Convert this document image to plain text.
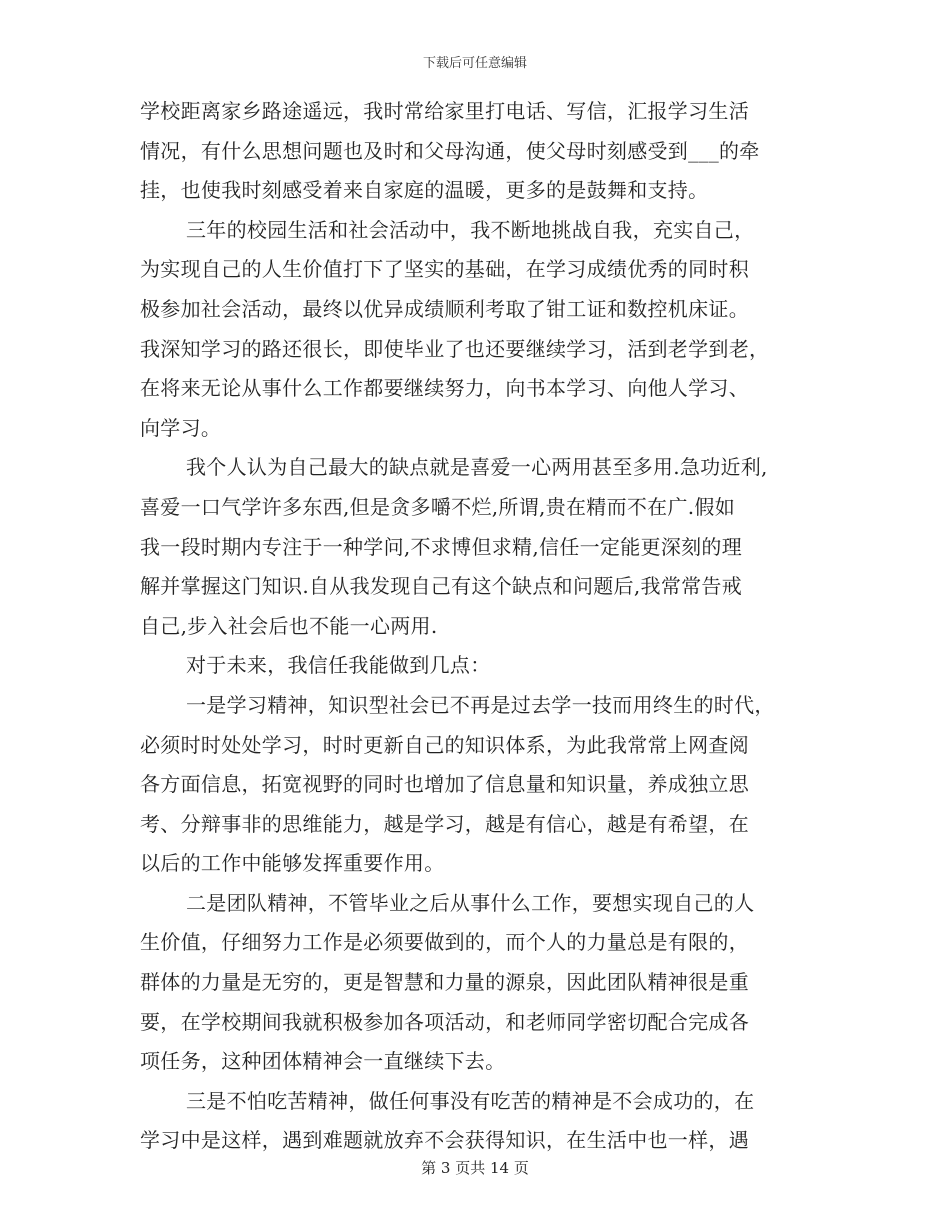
下载后可任意编辑
学校距离家乡路途遥远，我时常给家里打电话、写信，汇报学习生活
情况，有什么思想问题也及时和父母沟通，使父母时刻感受到___的牵
挂，也使我时刻感受着来自家庭的温暖，更多的是鼓舞和支持。
三年的校园生活和社会活动中，我不断地挑战自我，充实自己，
为实现自己的人生价值打下了坚实的基础，在学习成绩优秀的同时积
极参加社会活动，最终以优异成绩顺利考取了钳工证和数控机床证。
我深知学习的路还很长，即使毕业了也还要继续学习，活到老学到老，
在将来无论从事什么工作都要继续努力，向书本学习、向他人学习、
向学习。
我个人认为自己最大的缺点就是喜爱一心两用甚至多用.急功近利,
喜爱一口气学许多东西,但是贪多嚼不烂,所谓,贵在精而不在广.假如
我一段时期内专注于一种学问,不求博但求精,信任一定能更深刻的理
解并掌握这门知识.自从我发现自己有这个缺点和问题后,我常常告戒
自己,步入社会后也不能一心两用.
对于未来，我信任我能做到几点：
一是学习精神，知识型社会已不再是过去学一技而用终生的时代，
必须时时处处学习，时时更新自己的知识体系，为此我常常上网查阅
各方面信息，拓宽视野的同时也增加了信息量和知识量，养成独立思
考、分辩事非的思维能力，越是学习，越是有信心，越是有希望，在
以后的工作中能够发挥重要作用。
二是团队精神，不管毕业之后从事什么工作，要想实现自己的人
生价值，仔细努力工作是必须要做到的，而个人的力量总是有限的，
群体的力量是无穷的，更是智慧和力量的源泉，因此团队精神很是重
要，在学校期间我就积极参加各项活动，和老师同学密切配合完成各
项任务，这种团体精神会一直继续下去。
三是不怕吃苦精神，做任何事没有吃苦的精神是不会成功的，在
学习中是这样，遇到难题就放弃不会获得知识，在生活中也一样，遇
第 3 页共 14 页
